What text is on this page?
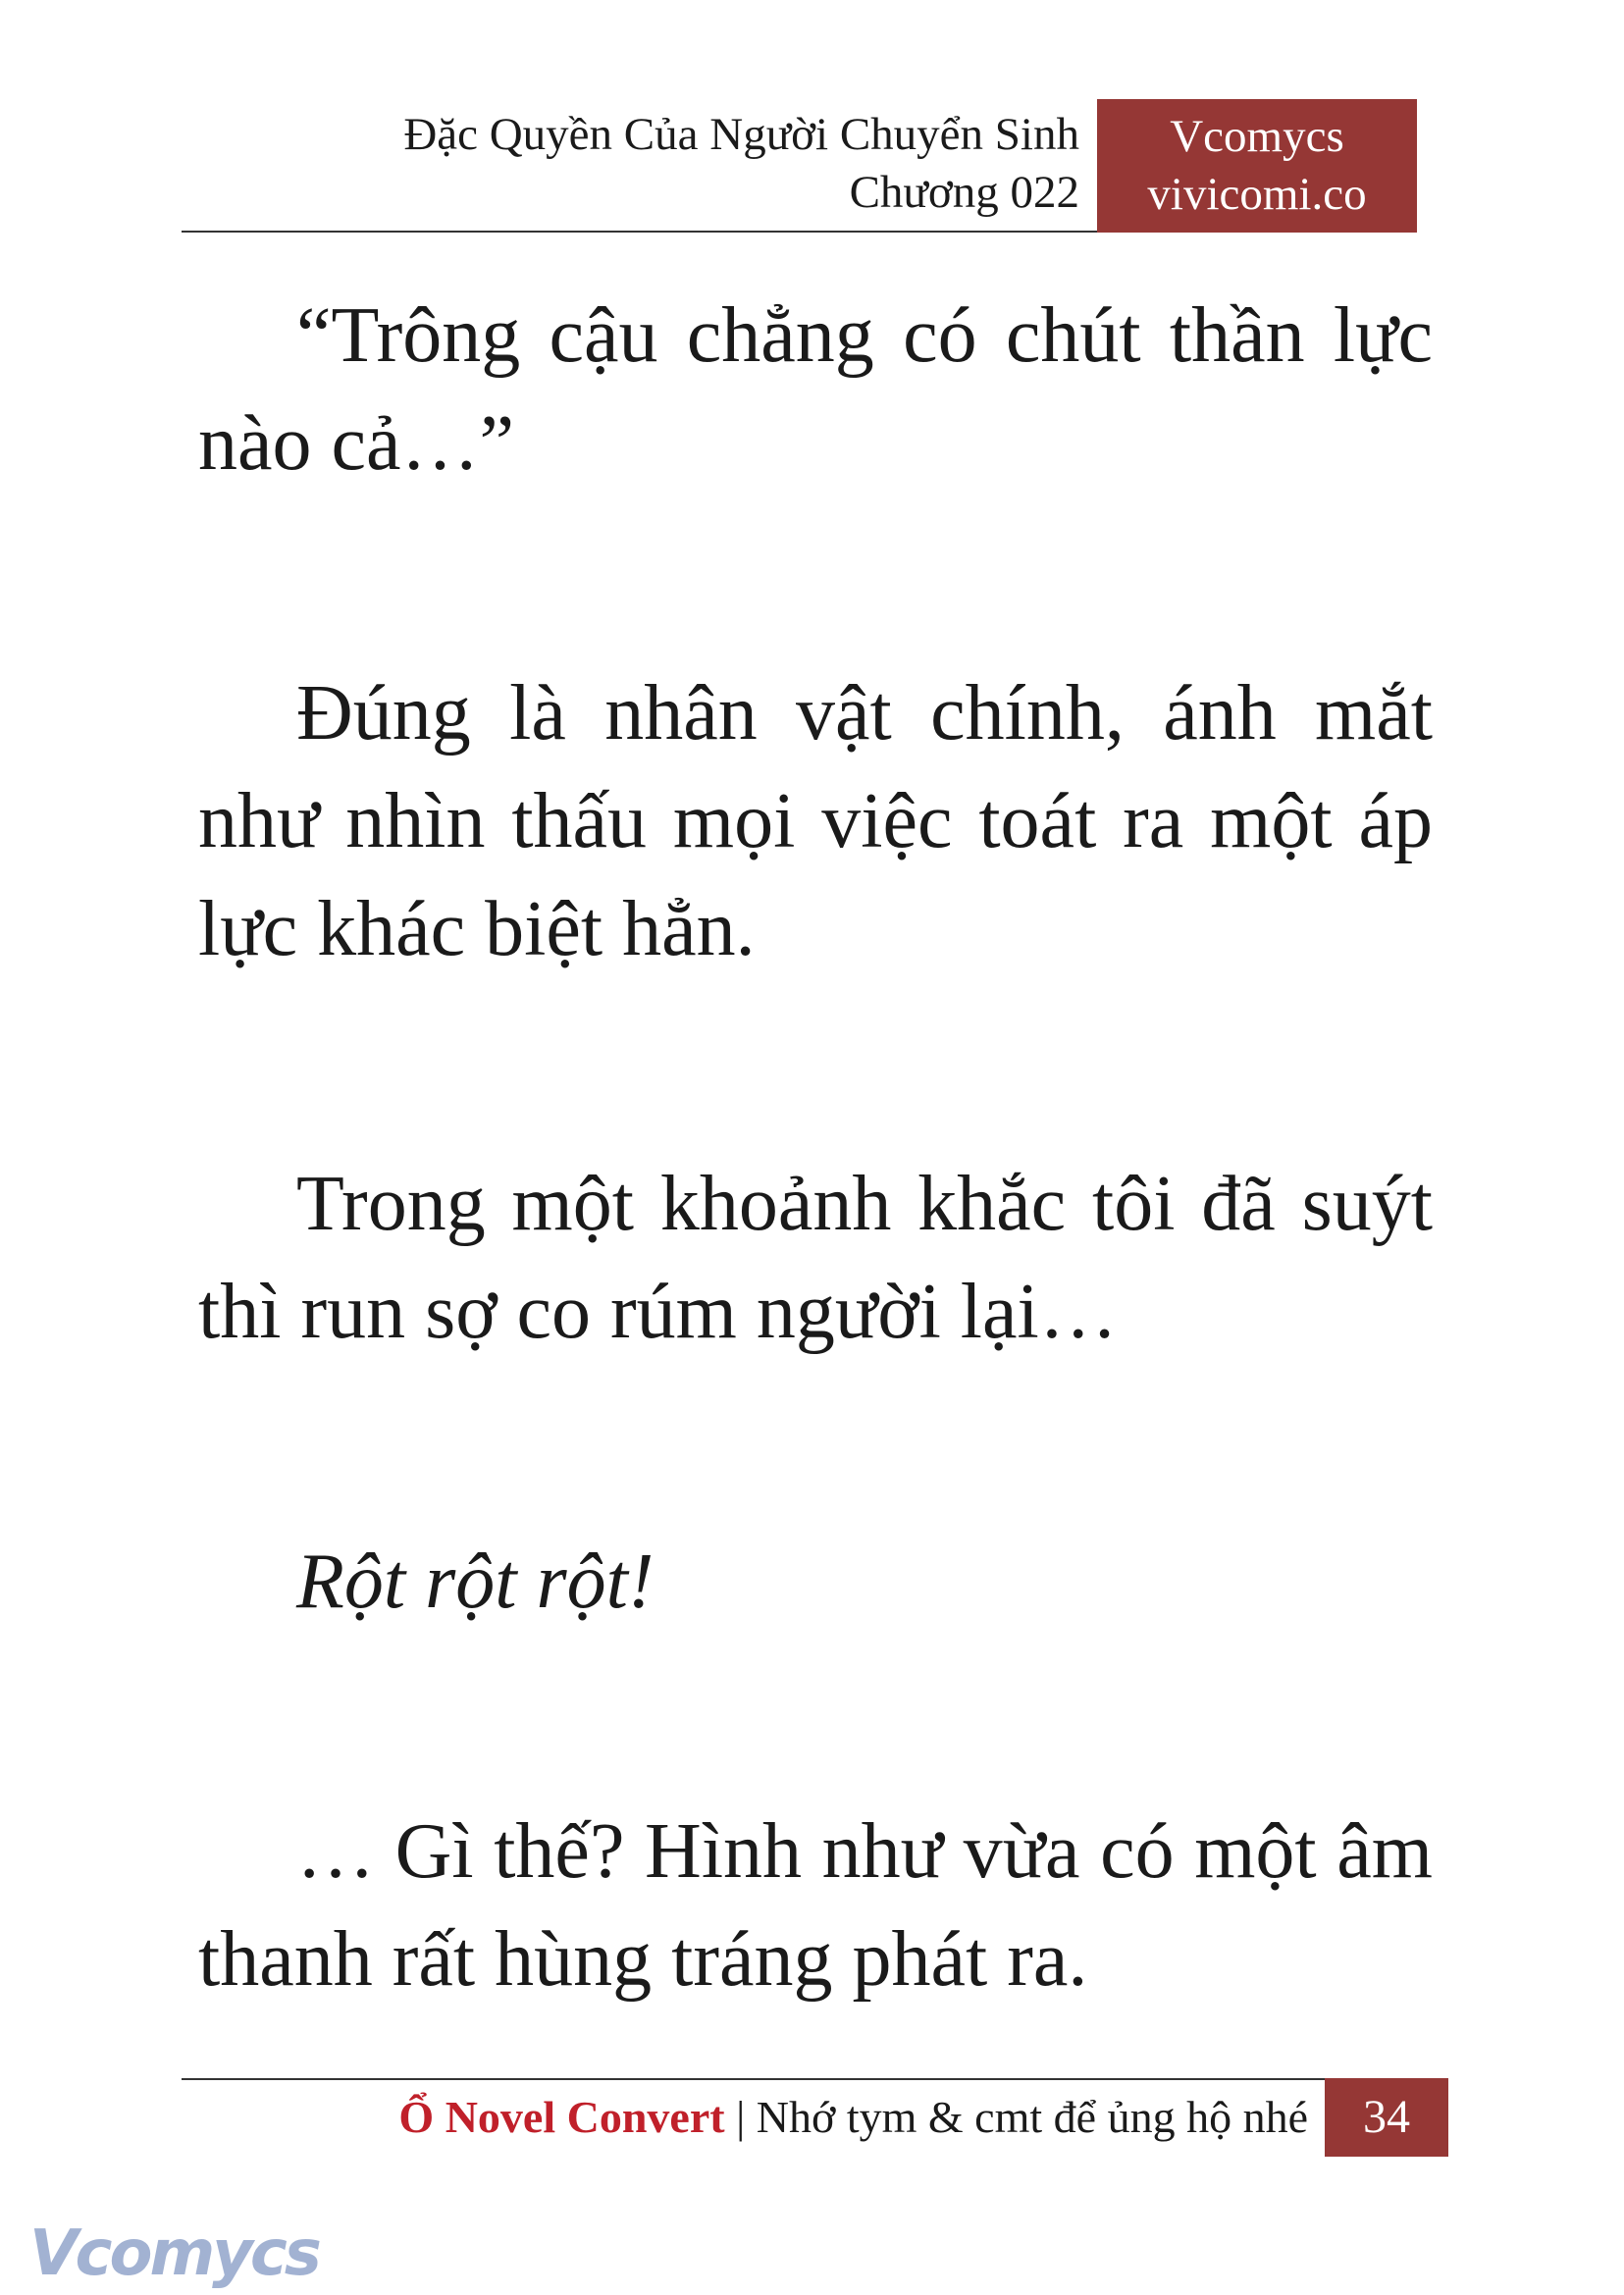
Đặc Quyền Của Người Chuyển Sinh
Chương 022
Vcomycs
vivicomi.co

“Trông cậu chẳng có chút thần lực nào cả…”

Đúng là nhân vật chính, ánh mắt như nhìn thấu mọi việc toát ra một áp lực khác biệt hẳn.

Trong một khoảnh khắc tôi đã suýt thì run sợ co rúm người lại…

Rột rột rột!

… Gì thế? Hình như vừa có một âm thanh rất hùng tráng phát ra.

Ổ Novel Convert | Nhớ tym & cmt để ủng hộ nhé	34
Vcomycs
